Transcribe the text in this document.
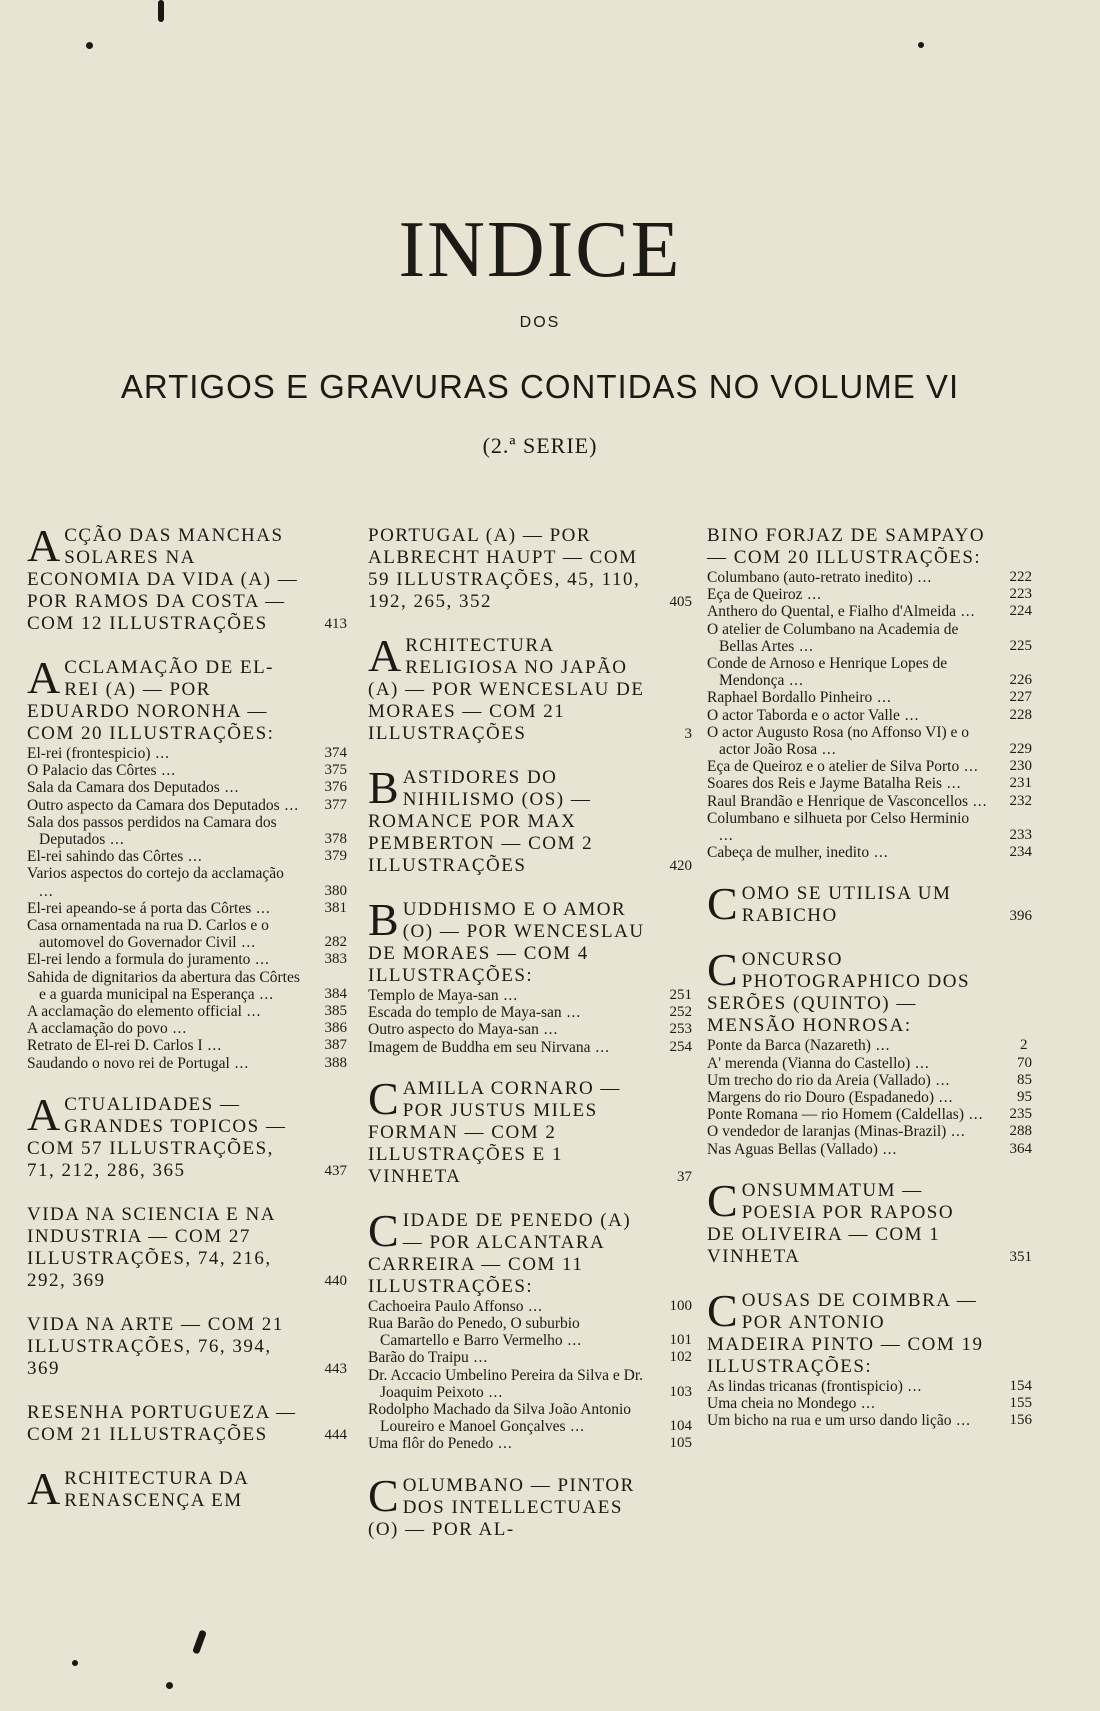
INDICE
DOS
ARTIGOS E GRAVURAS CONTIDAS NO VOLUME VI
(2.ª SERIE)
ACÇÃO DAS MANCHAS SOLARES NA ECONOMIA DA VIDA (A) — POR RAMOS DA COSTA — COM 12 ILLUSTRAÇÕES	413
ACCLAMAÇÃO DE EL-REI (A) — POR EDUARDO NORONHA — COM 20 ILLUSTRAÇÕES:
El-rei (frontespicio) ...	374
O Palacio das Côrtes ...	375
Sala da Camara dos Deputados ...	376
Outro aspecto da Camara dos Deputados ... 377
Sala dos passos perdidos na Camara dos Deputados ...	378
El-rei sahindo das Côrtes ...	379
Varios aspectos do cortejo da acclamação ...	380
El-rei apeando-se á porta das Côrtes ...	381
Casa ornamentada na rua D. Carlos e o automovel do Governador Civil ...	282
El-rei lendo a formula do juramento ...	383
Sahida de dignitarios da abertura das Côrtes e a guarda municipal na Esperança ...	384
A acclamação do elemento official ...	385
A acclamação do povo ...	386
Retrato de El-rei D. Carlos I ...	387
Saudando o novo rei de Portugal ...	388
ACTUALIDADES — GRANDES TOPICOS — COM 57 ILLUSTRAÇÕES, 71, 212, 286, 365	437
VIDA NA SCIENCIA E NA INDUSTRIA — COM 27 ILLUSTRAÇÕES, 74, 216, 292, 369	440
VIDA NA ARTE — COM 21 ILLUSTRAÇÕES, 76, 394, 369	443
RESENHA PORTUGUEZA — COM 21 ILLUSTRAÇÕES	444
ARCHITECTURA DA RENASCENÇA EM
PORTUGAL (A) — POR ALBRECHT HAUPT — COM 59 ILLUSTRAÇÕES, 45, 110, 192, 265, 352	405
ARCHITECTURA RELIGIOSA NO JAPÃO (A) — POR WENCESLAU DE MORAES — COM 21 ILLUSTRAÇÕES	3
BASTIDORES DO NIHILISMO (OS) — ROMANCE POR MAX PEMBERTON — COM 2 ILLUSTRAÇÕES	420
BUDDHISMO E O AMOR (O) — POR WENCESLAU DE MORAES — COM 4 ILLUSTRAÇÕES:
Templo de Maya-san ...	251
Escada do templo de Maya-san ...	252
Outro aspecto do Maya-san ...	253
Imagem de Buddha em seu Nirvana ...	254
CAMILLA CORNARO — POR JUSTUS MILES FORMAN — COM 2 ILLUSTRAÇÕES E 1 VINHETA	37
CIDADE DE PENEDO (A) — POR ALCANTARA CARREIRA — COM 11 ILLUSTRAÇÕES:
Cachoeira Paulo Affonso ...	100
Rua Barão do Penedo, O suburbio Camartello e Barro Vermelho ...	101
Barão do Traipu ...	102
Dr. Accacio Umbelino Pereira da Silva e Dr. Joaquim Peixoto ...	103
Rodolpho Machado da Silva João Antonio Loureiro e Manoel Gonçalves ...	104
Uma flôr do Penedo ...	105
COLUMBANO — PINTOR DOS INTELLECTUAES (O) — POR AL-
BINO FORJAZ DE SAMPAYO — COM 20 ILLUSTRAÇÕES:
Columbano (auto-retrato inedito) ...	222
Eça de Queiroz ...	223
Anthero do Quental, e Fialho d'Almeida ... 224
O atelier de Columbano na Academia de Bellas Artes ...	225
Conde de Arnoso e Henrique Lopes de Mendonça ...	226
Raphael Bordallo Pinheiro ...	227
O actor Taborda e o actor Valle ...	228
O actor Augusto Rosa (no Affonso VI) e o actor João Rosa ...	229
Eça de Queiroz e o atelier de Silva Porto ... 230
Soares dos Reis e Jayme Batalha Reis ...	231
Raul Brandão e Henrique de Vasconcellos ... 232
Columbano e silhueta por Celso Herminio ...	233
Cabeça de mulher, inedito ...	234
COMO SE UTILISA UM RABICHO	396
CONCURSO PHOTOGRAPHICO DOS SERÕES (QUINTO) — MENSÃO HONROSA:
Ponte da Barca (Nazareth) ...	2
A' merenda (Vianna do Castello) ...	70
Um trecho do rio da Areia (Vallado) ...	85
Margens do rio Douro (Espadanedo) ...	95
Ponte Romana — rio Homem (Caldellas) ... 235
O vendedor de laranjas (Minas-Brazil) ...	288
Nas Aguas Bellas (Vallado) ...	364
CONSUMMATUM — POESIA POR RAPOSO DE OLIVEIRA — COM 1 VINHETA	351
COUSAS DE COIMBRA — POR ANTONIO MADEIRA PINTO — COM 19 ILLUSTRAÇÕES:
As lindas tricanas (frontispicio) ...	154
Uma cheia no Mondego ...	155
Um bicho na rua e um urso dando lição ...	156
